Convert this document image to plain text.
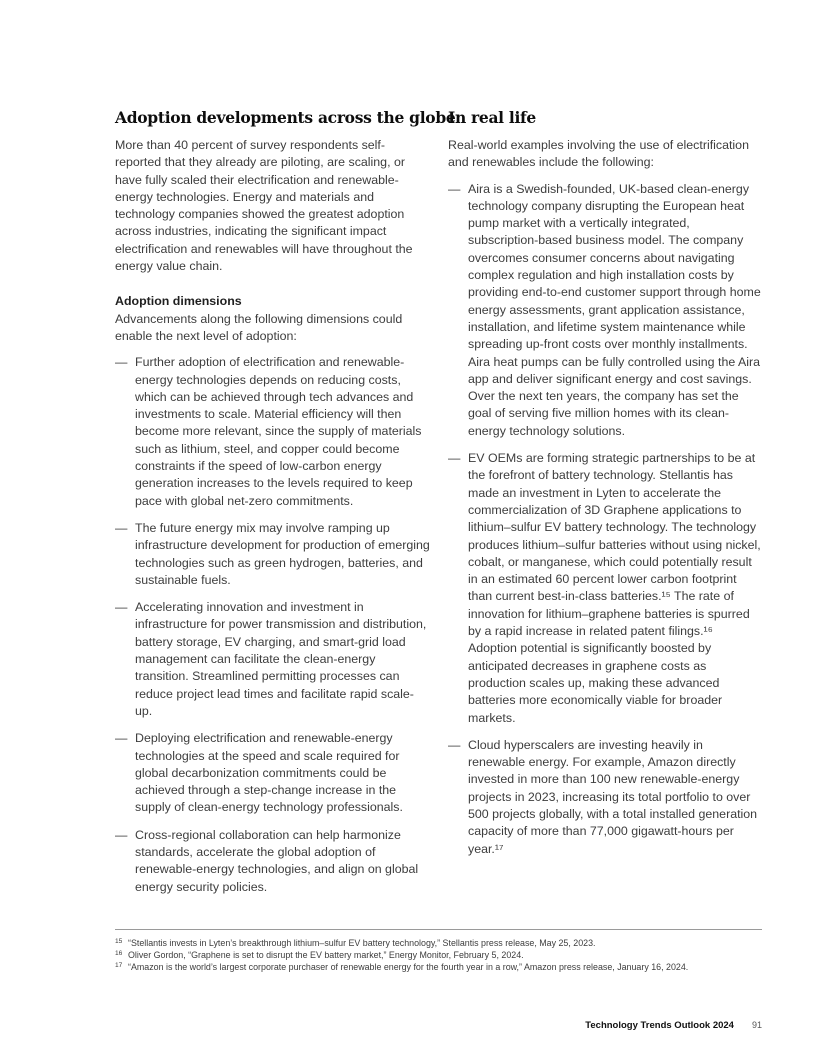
Adoption developments across the globe

More than 40 percent of survey respondents self-reported that they already are piloting, are scaling, or have fully scaled their electrification and renewable-energy technologies. Energy and materials and technology companies showed the greatest adoption across industries, indicating the significant impact electrification and renewables will have throughout the energy value chain.

Adoption dimensions

Advancements along the following dimensions could enable the next level of adoption:

— Further adoption of electrification and renewable-energy technologies depends on reducing costs, which can be achieved through tech advances and investments to scale. Material efficiency will then become more relevant, since the supply of materials such as lithium, steel, and copper could become constraints if the speed of low-carbon energy generation increases to the levels required to keep pace with global net-zero commitments.
— The future energy mix may involve ramping up infrastructure development for production of emerging technologies such as green hydrogen, batteries, and sustainable fuels.
— Accelerating innovation and investment in infrastructure for power transmission and distribution, battery storage, EV charging, and smart-grid load management can facilitate the clean-energy transition. Streamlined permitting processes can reduce project lead times and facilitate rapid scale-up.
— Deploying electrification and renewable-energy technologies at the speed and scale required for global decarbonization commitments could be achieved through a step-change increase in the supply of clean-energy technology professionals.
— Cross-regional collaboration can help harmonize standards, accelerate the global adoption of renewable-energy technologies, and align on global energy security policies.
In real life

Real-world examples involving the use of electrification and renewables include the following:

— Aira is a Swedish-founded, UK-based clean-energy technology company disrupting the European heat pump market with a vertically integrated, subscription-based business model. The company overcomes consumer concerns about navigating complex regulation and high installation costs by providing end-to-end customer support through home energy assessments, grant application assistance, installation, and lifetime system maintenance while spreading up-front costs over monthly installments. Aira heat pumps can be fully controlled using the Aira app and deliver significant energy and cost savings. Over the next ten years, the company has set the goal of serving five million homes with its clean-energy technology solutions.
— EV OEMs are forming strategic partnerships to be at the forefront of battery technology. Stellantis has made an investment in Lyten to accelerate the commercialization of 3D Graphene applications to lithium–sulfur EV battery technology. The technology produces lithium–sulfur batteries without using nickel, cobalt, or manganese, which could potentially result in an estimated 60 percent lower carbon footprint than current best-in-class batteries.¹⁵ The rate of innovation for lithium–graphene batteries is spurred by a rapid increase in related patent filings.¹⁶ Adoption potential is significantly boosted by anticipated decreases in graphene costs as production scales up, making these advanced batteries more economically viable for broader markets.
— Cloud hyperscalers are investing heavily in renewable energy. For example, Amazon directly invested in more than 100 new renewable-energy projects in 2023, increasing its total portfolio to over 500 projects globally, with a total installed generation capacity of more than 77,000 gigawatt-hours per year.¹⁷
15 “Stellantis invests in Lyten’s breakthrough lithium–sulfur EV battery technology,” Stellantis press release, May 25, 2023.
16 Oliver Gordon, “Graphene is set to disrupt the EV battery market,” Energy Monitor, February 5, 2024.
17 “Amazon is the world’s largest corporate purchaser of renewable energy for the fourth year in a row,” Amazon press release, January 16, 2024.
Technology Trends Outlook 2024 91
